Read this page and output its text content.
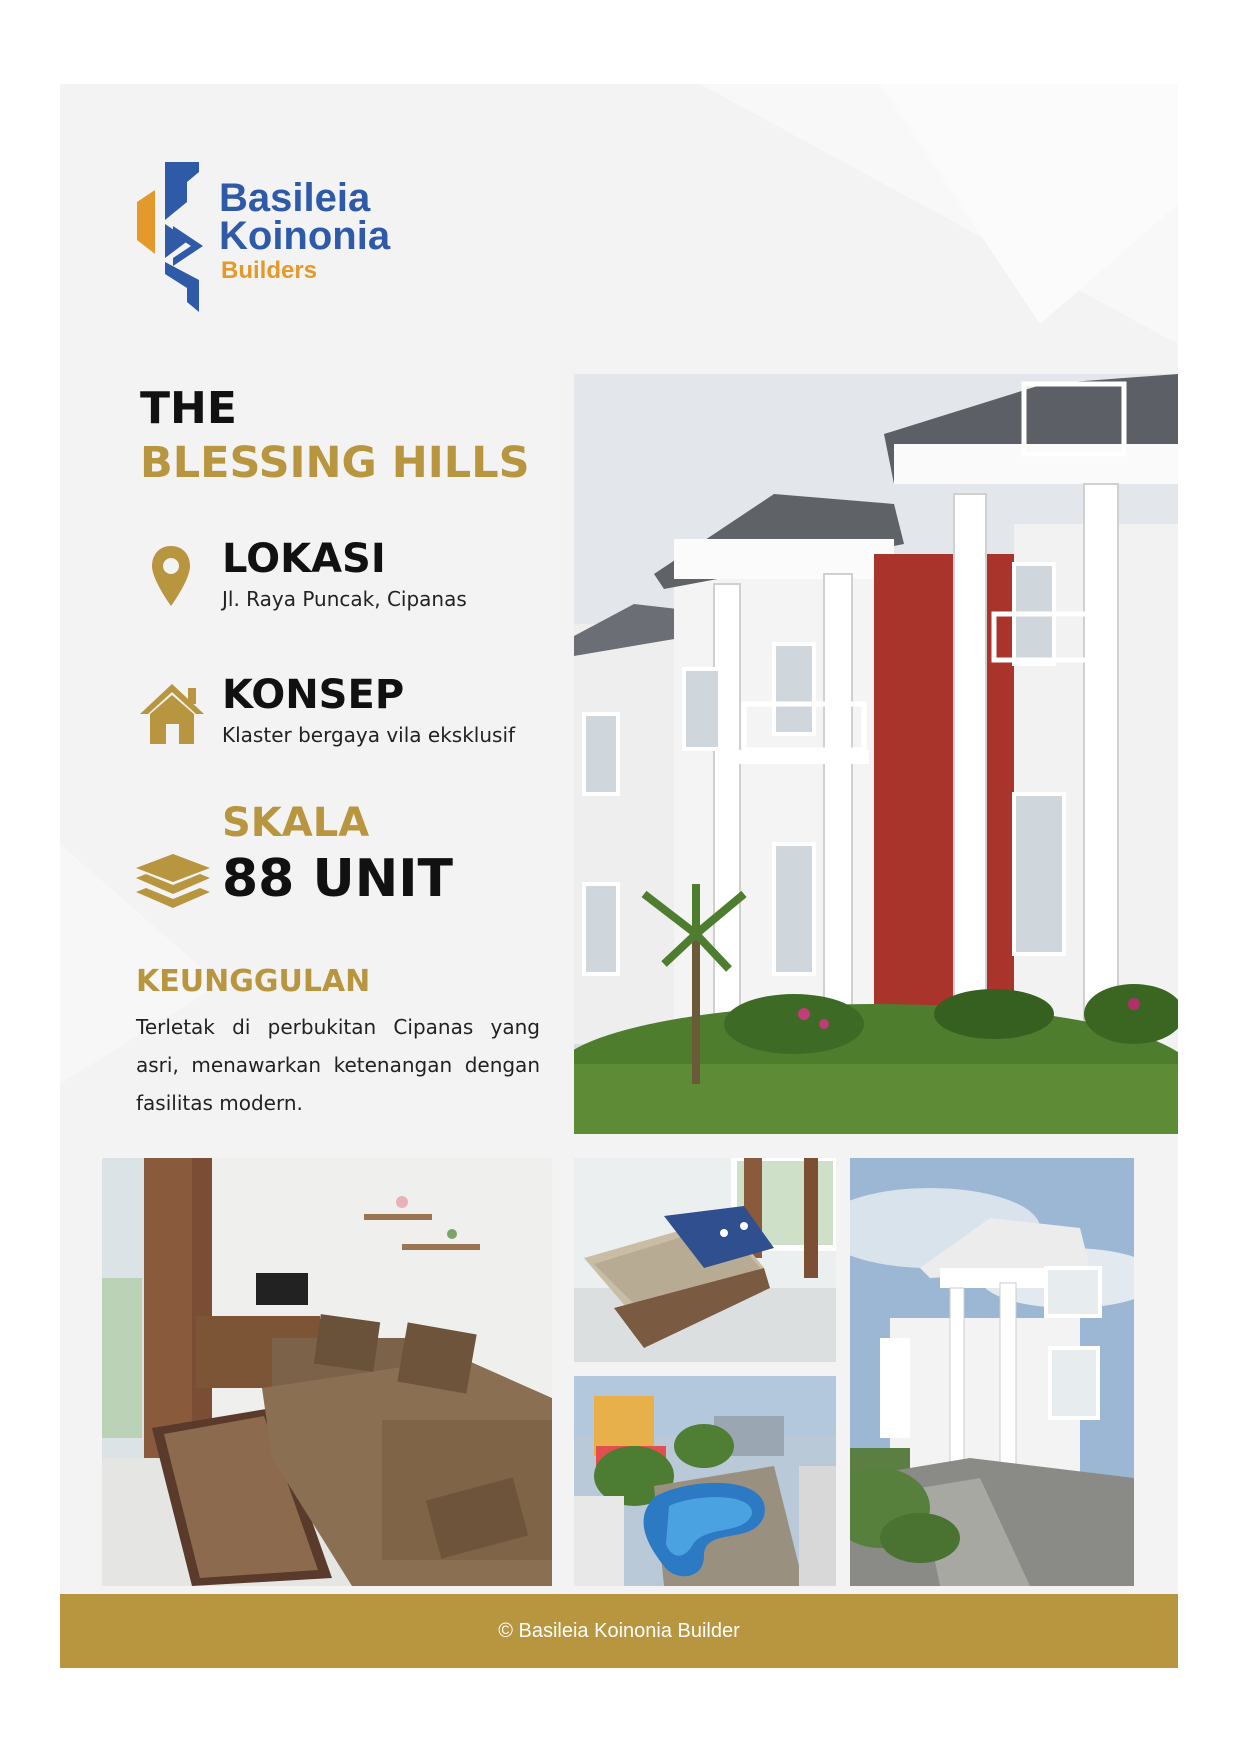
Basileia
Koinonia
Builders
THE
BLESSING HILLS
LOKASI
Jl. Raya Puncak, Cipanas
KONSEP
Klaster bergaya vila eksklusif
SKALA
88 UNIT
KEUNGGULAN
Terletak di perbukitan Cipanas yang asri, menawarkan ketenangan dengan fasilitas modern.
© Basileia Koinonia Builder
